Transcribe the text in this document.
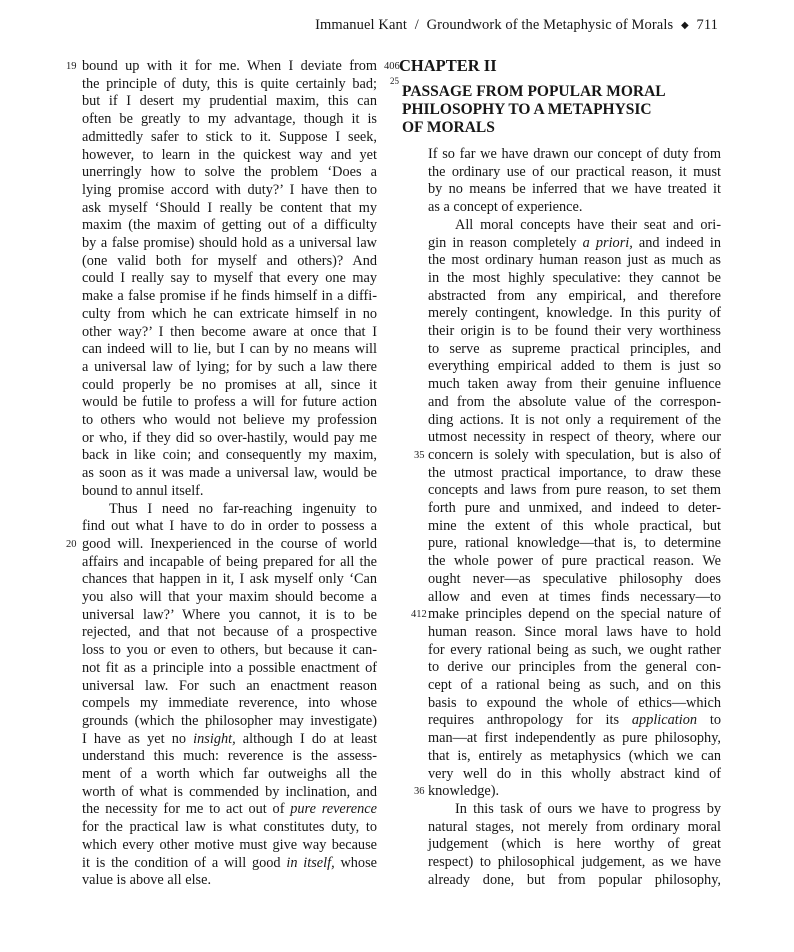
Immanuel Kant / Groundwork of the Metaphysic of Morals ◆ 711
bound up with it for me. When I deviate from
the principle of duty, this is quite certainly bad;
but if I desert my prudential maxim, this can
often be greatly to my advantage, though it is
admittedly safer to stick to it. Suppose I seek,
however, to learn in the quickest way and yet
unerringly how to solve the problem ‘Does a
lying promise accord with duty?’ I have then to
ask myself ‘Should I really be content that my
maxim (the maxim of getting out of a difficulty
by a false promise) should hold as a universal law
(one valid both for myself and others)? And
could I really say to myself that every one may
make a false promise if he finds himself in a diffi-
culty from which he can extricate himself in no
other way?’ I then become aware at once that I
can indeed will to lie, but I can by no means will
a universal law of lying; for by such a law there
could properly be no promises at all, since it
would be futile to profess a will for future action
to others who would not believe my profession
or who, if they did so over-hastily, would pay me
back in like coin; and consequently my maxim,
as soon as it was made a universal law, would be
bound to annul itself.
Thus I need no far-reaching ingenuity to
find out what I have to do in order to possess a
good will. Inexperienced in the course of world
affairs and incapable of being prepared for all the
chances that happen in it, I ask myself only ‘Can
you also will that your maxim should become a
universal law?’ Where you cannot, it is to be
rejected, and that not because of a prospective
loss to you or even to others, but because it can-
not fit as a principle into a possible enactment of
universal law. For such an enactment reason
compels my immediate reverence, into whose
grounds (which the philosopher may investigate)
I have as yet no insight, although I do at least
understand this much: reverence is the assess-
ment of a worth which far outweighs all the
worth of what is commended by inclination, and
the necessity for me to act out of pure reverence
for the practical law is what constitutes duty, to
which every other motive must give way because
it is the condition of a will good in itself, whose
value is above all else.
19
20
406 CHAPTER II
25
PASSAGE FROM POPULAR MORAL
PHILOSOPHY TO A METAPHYSIC
OF MORALS
If so far we have drawn our concept of duty from
the ordinary use of our practical reason, it must
by no means be inferred that we have treated it
as a concept of experience.
All moral concepts have their seat and ori-
gin in reason completely a priori, and indeed in
the most ordinary human reason just as much as
in the most highly speculative: they cannot be
abstracted from any empirical, and therefore
merely contingent, knowledge. In this purity of
their origin is to be found their very worthiness
to serve as supreme practical principles, and
everything empirical added to them is just so
much taken away from their genuine influence
and from the absolute value of the correspon-
ding actions. It is not only a requirement of the
utmost necessity in respect of theory, where our
concern is solely with speculation, but is also of
the utmost practical importance, to draw these
concepts and laws from pure reason, to set them
forth pure and unmixed, and indeed to deter-
mine the extent of this whole practical, but
pure, rational knowledge—that is, to determine
the whole power of pure practical reason. We
ought never—as speculative philosophy does
allow and even at times finds necessary—to
make principles depend on the special nature of
human reason. Since moral laws have to hold
for every rational being as such, we ought rather
to derive our principles from the general con-
cept of a rational being as such, and on this
basis to expound the whole of ethics—which
requires anthropology for its application to
man—at first independently as pure philosophy,
that is, entirely as metaphysics (which we can
very well do in this wholly abstract kind of
knowledge).
In this task of ours we have to progress by
natural stages, not merely from ordinary moral
judgement (which is here worthy of great
respect) to philosophical judgement, as we have
already done, but from popular philosophy,
35
412
36
